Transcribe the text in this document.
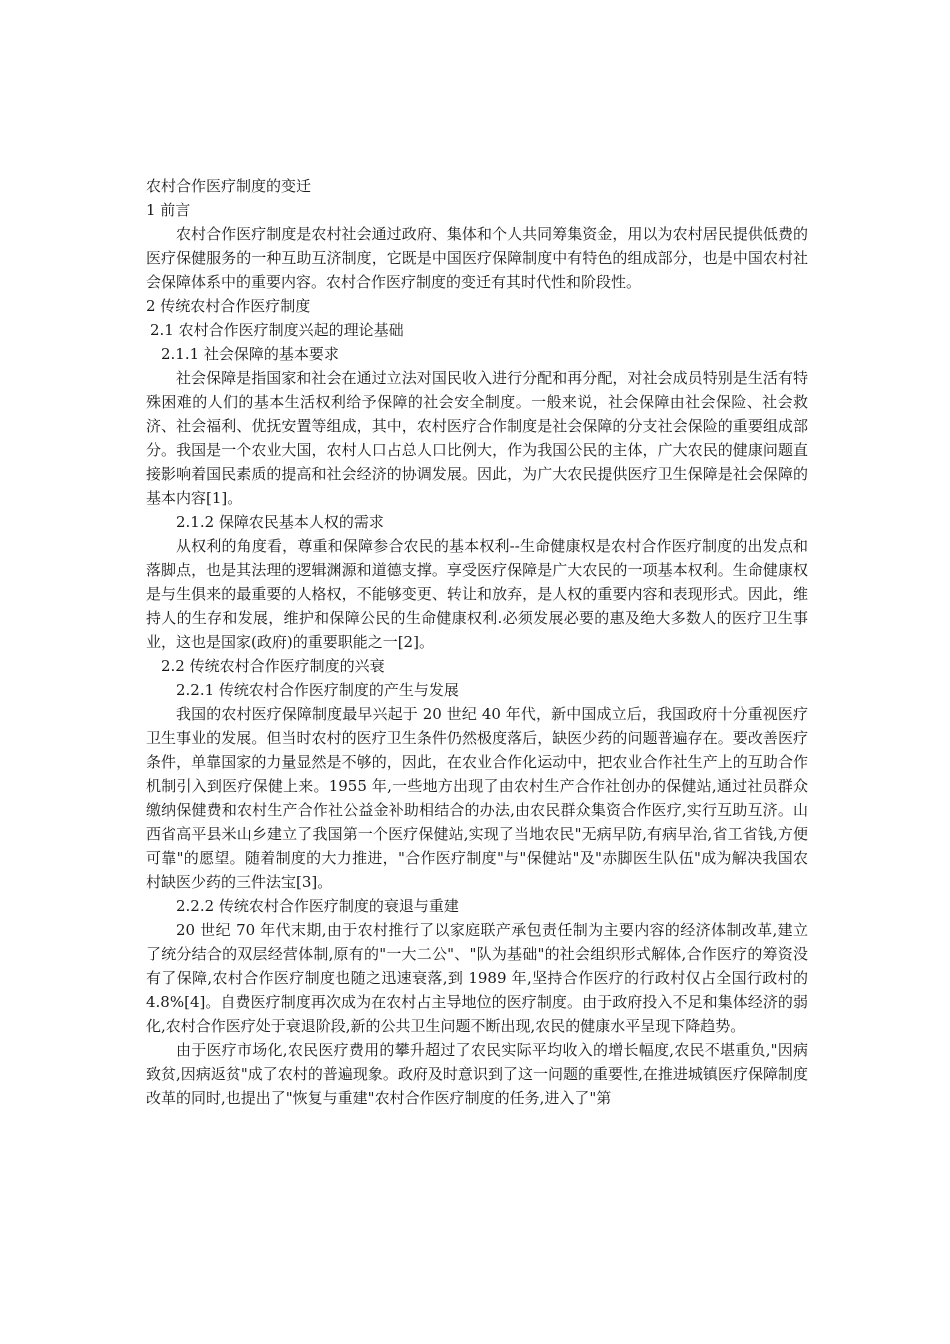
农村合作医疗制度的变迁

1 前言

农村合作医疗制度是农村社会通过政府、集体和个人共同筹集资金，用以为农村居民提供低费的医疗保健服务的一种互助互济制度，它既是中国医疗保障制度中有特色的组成部分，也是中国农村社会保障体系中的重要内容。农村合作医疗制度的变迁有其时代性和阶段性。

2 传统农村合作医疗制度

2.1 农村合作医疗制度兴起的理论基础

2.1.1 社会保障的基本要求

社会保障是指国家和社会在通过立法对国民收入进行分配和再分配，对社会成员特别是生活有特殊困难的人们的基本生活权利给予保障的社会安全制度。一般来说，社会保障由社会保险、社会救济、社会福利、优抚安置等组成，其中，农村医疗合作制度是社会保障的分支社会保险的重要组成部分。我国是一个农业大国，农村人口占总人口比例大，作为我国公民的主体，广大农民的健康问题直接影响着国民素质的提高和社会经济的协调发展。因此，为广大农民提供医疗卫生保障是社会保障的基本内容[1]。

2.1.2 保障农民基本人权的需求

从权利的角度看，尊重和保障参合农民的基本权利--生命健康权是农村合作医疗制度的出发点和落脚点，也是其法理的逻辑渊源和道德支撑。享受医疗保障是广大农民的一项基本权利。生命健康权是与生俱来的最重要的人格权，不能够变更、转让和放弃，是人权的重要内容和表现形式。因此，维持人的生存和发展，维护和保障公民的生命健康权利.必须发展必要的惠及绝大多数人的医疗卫生事业，这也是国家(政府)的重要职能之一[2]。

2.2 传统农村合作医疗制度的兴衰

2.2.1 传统农村合作医疗制度的产生与发展

我国的农村医疗保障制度最早兴起于 20 世纪 40 年代，新中国成立后，我国政府十分重视医疗卫生事业的发展。但当时农村的医疗卫生条件仍然极度落后，缺医少药的问题普遍存在。要改善医疗条件，单靠国家的力量显然是不够的，因此，在农业合作化运动中，把农业合作社生产上的互助合作机制引入到医疗保健上来。1955 年,一些地方出现了由农村生产合作社创办的保健站,通过社员群众缴纳保健费和农村生产合作社公益金补助相结合的办法,由农民群众集资合作医疗,实行互助互济。山西省高平县米山乡建立了我国第一个医疗保健站,实现了当地农民"无病早防,有病早治,省工省钱,方便可靠"的愿望。随着制度的大力推进，"合作医疗制度"与"保健站"及"赤脚医生队伍"成为解决我国农村缺医少药的三件法宝[3]。

2.2.2 传统农村合作医疗制度的衰退与重建

20 世纪 70 年代末期,由于农村推行了以家庭联产承包责任制为主要内容的经济体制改革,建立了统分结合的双层经营体制,原有的"一大二公"、"队为基础"的社会组织形式解体,合作医疗的筹资没有了保障,农村合作医疗制度也随之迅速衰落,到 1989 年,坚持合作医疗的行政村仅占全国行政村的 4.8%[4]。自费医疗制度再次成为在农村占主导地位的医疗制度。由于政府投入不足和集体经济的弱化,农村合作医疗处于衰退阶段,新的公共卫生问题不断出现,农民的健康水平呈现下降趋势。

由于医疗市场化,农民医疗费用的攀升超过了农民实际平均收入的增长幅度,农民不堪重负,"因病致贫,因病返贫"成了农村的普遍现象。政府及时意识到了这一问题的重要性,在推进城镇医疗保障制度改革的同时,也提出了"恢复与重建"农村合作医疗制度的任务,进入了"第
